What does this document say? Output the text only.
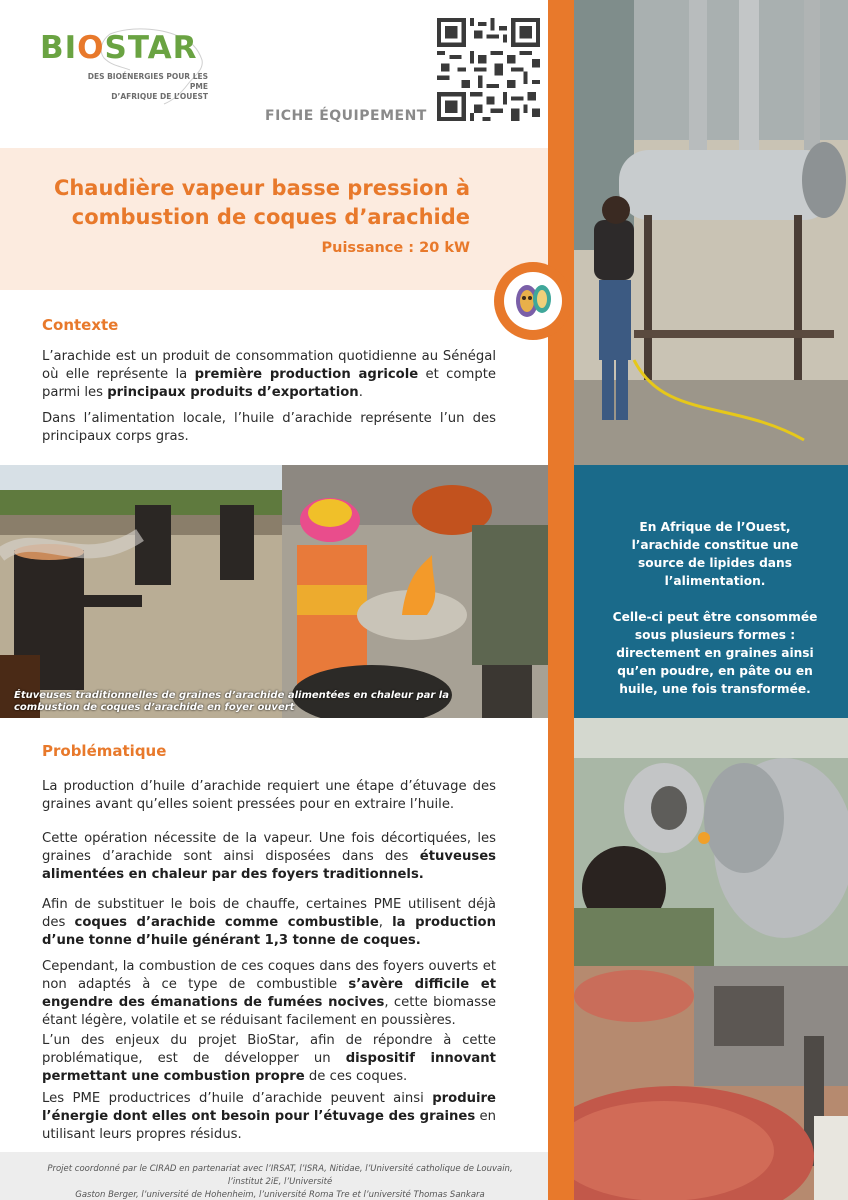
BIOSTAR
DES BIOÉNERGIES POUR LES PME
D’AFRIQUE DE L’OUEST
FICHE ÉQUIPEMENT
Chaudière vapeur basse pression à
combustion de coques d’arachide
Puissance : 20 kW

En Afrique de l’Ouest, l’arachide constitue une source de lipides dans l’alimentation.

Celle-ci peut être consommée sous plusieurs formes : directement en graines ainsi qu’en poudre, en pâte ou en huile, une fois transformée.

Contexte
L’arachide est un produit de consommation quotidienne au Sénégal où elle représente la première production agricole et compte parmi les principaux produits d’exportation.
Dans l’alimentation locale, l’huile d’arachide représente l’un des principaux corps gras.
Étuveuses traditionnelles de graines d’arachide alimentées en chaleur par la combustion de coques d’arachide en foyer ouvert
Problématique
La production d’huile d’arachide requiert une étape d’étuvage des graines avant qu’elles soient pressées pour en extraire l’huile.
Cette opération nécessite de la vapeur. Une fois décortiquées, les graines d’arachide sont ainsi disposées dans des étuveuses alimentées en chaleur par des foyers traditionnels.
Afin de substituer le bois de chauffe, certaines PME utilisent déjà des coques d’arachide comme combustible, la production d’une tonne d’huile générant 1,3 tonne de coques.
Cependant, la combustion de ces coques dans des foyers ouverts et non adaptés à ce type de combustible s’avère difficile et engendre des émanations de fumées nocives, cette biomasse étant légère, volatile et se réduisant facilement en poussières.
L’un des enjeux du projet BioStar, afin de répondre à cette problématique, est de développer un dispositif innovant permettant une combustion propre de ces coques.
Les PME productrices d’huile d’arachide peuvent ainsi produire l’énergie dont elles ont besoin pour l’étuvage des graines en utilisant leurs propres résidus.
Projet coordonné par le CIRAD en partenariat avec l’IRSAT, l’ISRA, Nitidae, l’Université catholique de Louvain, l’institut 2iE, l’Université
Gaston Berger, l’université de Hohenheim, l’université Roma Tre et l’université Thomas Sankara
